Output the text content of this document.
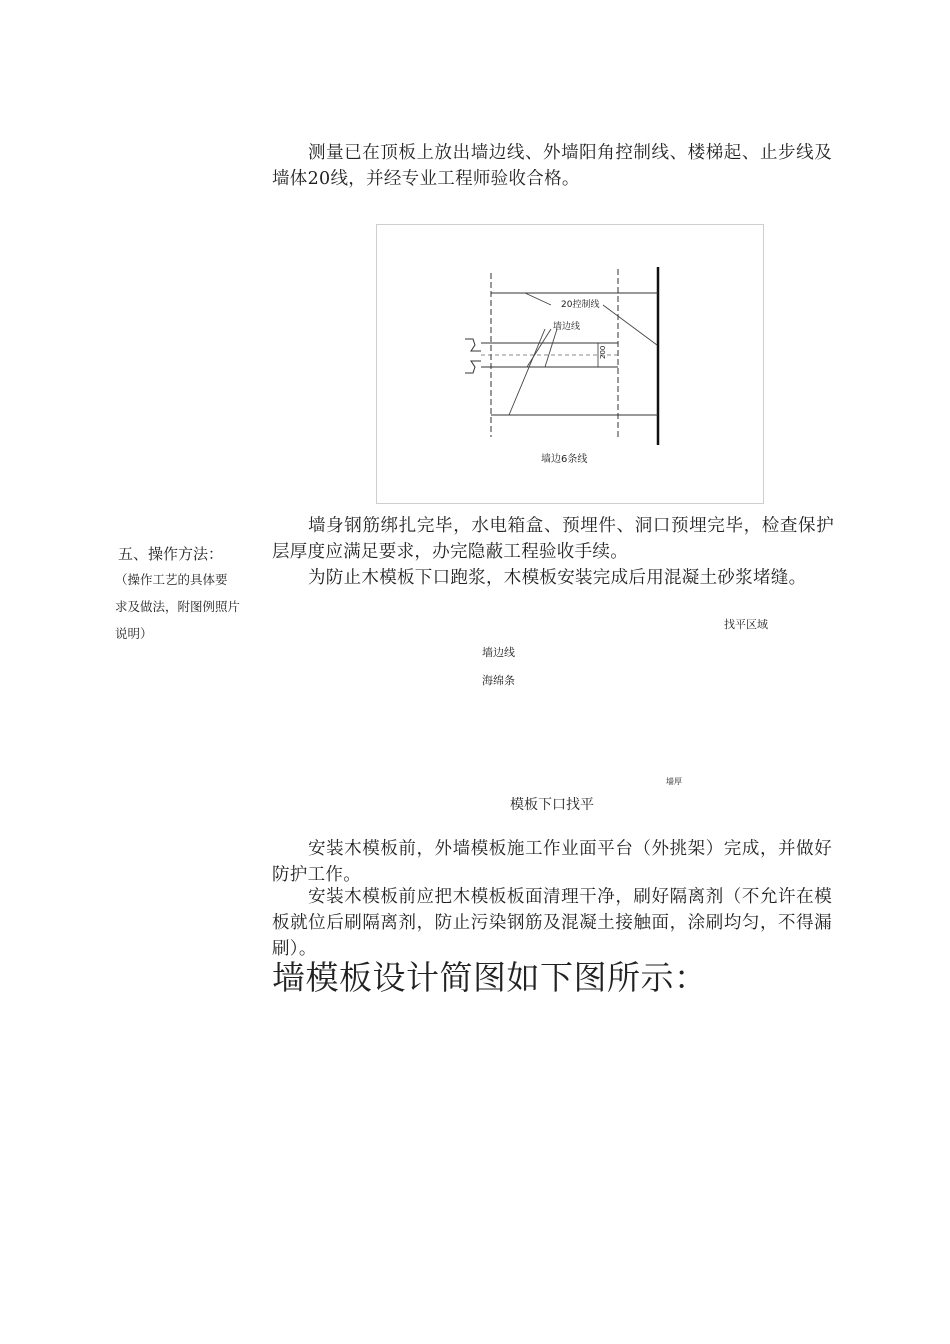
测量已在顶板上放出墙边线、外墙阳角控制线、楼梯起、止步线及墙体20线，并经专业工程师验收合格。
20控制线
墙边线
200
墙边6条线
五、操作方法：
（操作工艺的具体要
求及做法，附图例照片
说明）
墙身钢筋绑扎完毕，水电箱盒、预埋件、洞口预埋完毕，检查保护层厚度应满足要求，办完隐蔽工程验收手续。
为防止木模板下口跑浆，木模板安装完成后用混凝土砂浆堵缝。
找平区域
墙边线
海绵条
墙厚
模板下口找平
安装木模板前，外墙模板施工作业面平台（外挑架）完成，并做好防护工作。
安装木模板前应把木模板板面清理干净，刷好隔离剂（不允许在模板就位后刷隔离剂，防止污染钢筋及混凝土接触面，涂刷均匀，不得漏刷）。
墙模板设计简图如下图所示：
